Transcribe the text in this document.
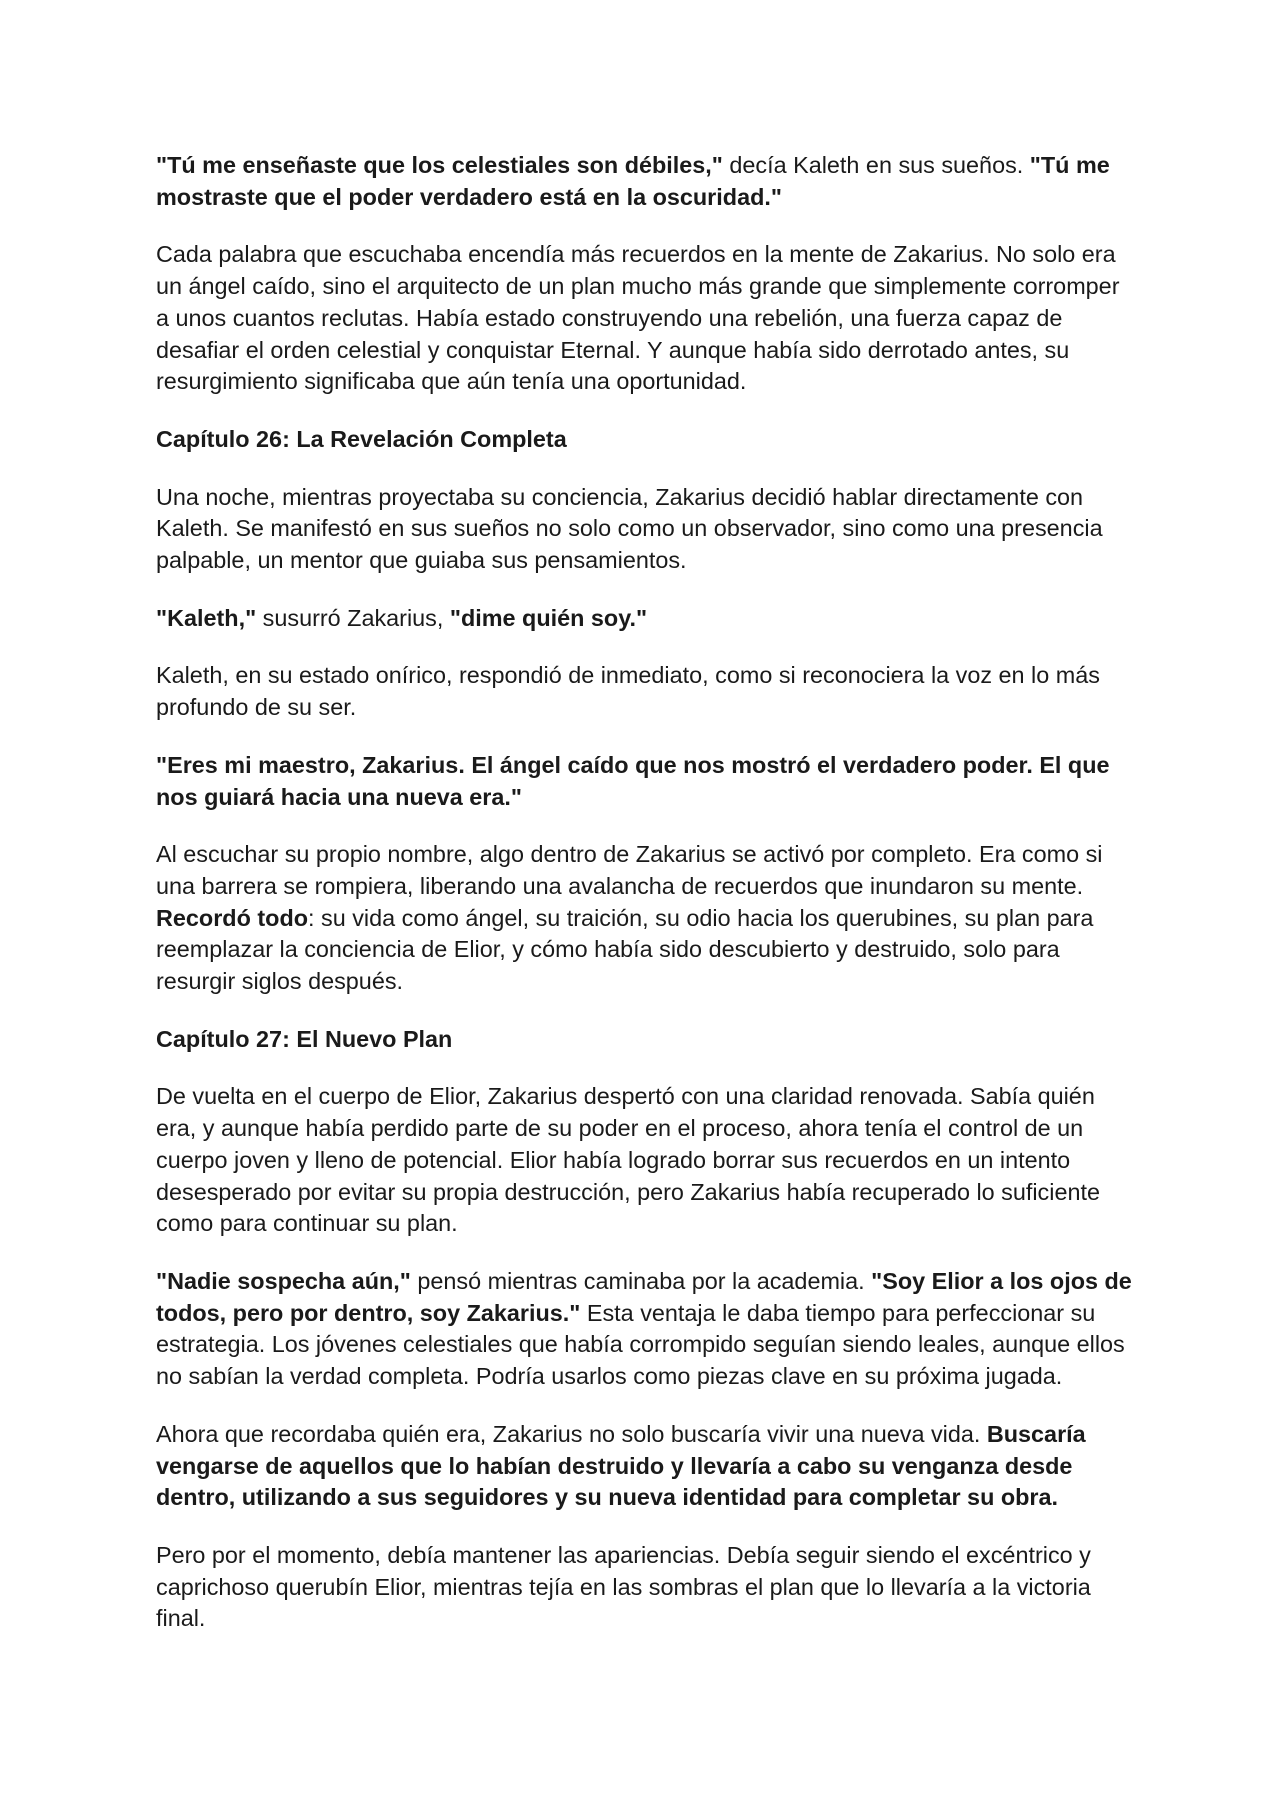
"Tú me enseñaste que los celestiales son débiles," decía Kaleth en sus sueños. "Tú me mostraste que el poder verdadero está en la oscuridad."

Cada palabra que escuchaba encendía más recuerdos en la mente de Zakarius. No solo era un ángel caído, sino el arquitecto de un plan mucho más grande que simplemente corromper a unos cuantos reclutas. Había estado construyendo una rebelión, una fuerza capaz de desafiar el orden celestial y conquistar Eternal. Y aunque había sido derrotado antes, su resurgimiento significaba que aún tenía una oportunidad.

Capítulo 26: La Revelación Completa

Una noche, mientras proyectaba su conciencia, Zakarius decidió hablar directamente con Kaleth. Se manifestó en sus sueños no solo como un observador, sino como una presencia palpable, un mentor que guiaba sus pensamientos.

"Kaleth," susurró Zakarius, "dime quién soy."

Kaleth, en su estado onírico, respondió de inmediato, como si reconociera la voz en lo más profundo de su ser.

"Eres mi maestro, Zakarius. El ángel caído que nos mostró el verdadero poder. El que nos guiará hacia una nueva era."

Al escuchar su propio nombre, algo dentro de Zakarius se activó por completo. Era como si una barrera se rompiera, liberando una avalancha de recuerdos que inundaron su mente. Recordó todo: su vida como ángel, su traición, su odio hacia los querubines, su plan para reemplazar la conciencia de Elior, y cómo había sido descubierto y destruido, solo para resurgir siglos después.

Capítulo 27: El Nuevo Plan

De vuelta en el cuerpo de Elior, Zakarius despertó con una claridad renovada. Sabía quién era, y aunque había perdido parte de su poder en el proceso, ahora tenía el control de un cuerpo joven y lleno de potencial. Elior había logrado borrar sus recuerdos en un intento desesperado por evitar su propia destrucción, pero Zakarius había recuperado lo suficiente como para continuar su plan.

"Nadie sospecha aún," pensó mientras caminaba por la academia. "Soy Elior a los ojos de todos, pero por dentro, soy Zakarius." Esta ventaja le daba tiempo para perfeccionar su estrategia. Los jóvenes celestiales que había corrompido seguían siendo leales, aunque ellos no sabían la verdad completa. Podría usarlos como piezas clave en su próxima jugada.

Ahora que recordaba quién era, Zakarius no solo buscaría vivir una nueva vida. Buscaría vengarse de aquellos que lo habían destruido y llevaría a cabo su venganza desde dentro, utilizando a sus seguidores y su nueva identidad para completar su obra.

Pero por el momento, debía mantener las apariencias. Debía seguir siendo el excéntrico y caprichoso querubín Elior, mientras tejía en las sombras el plan que lo llevaría a la victoria final.
